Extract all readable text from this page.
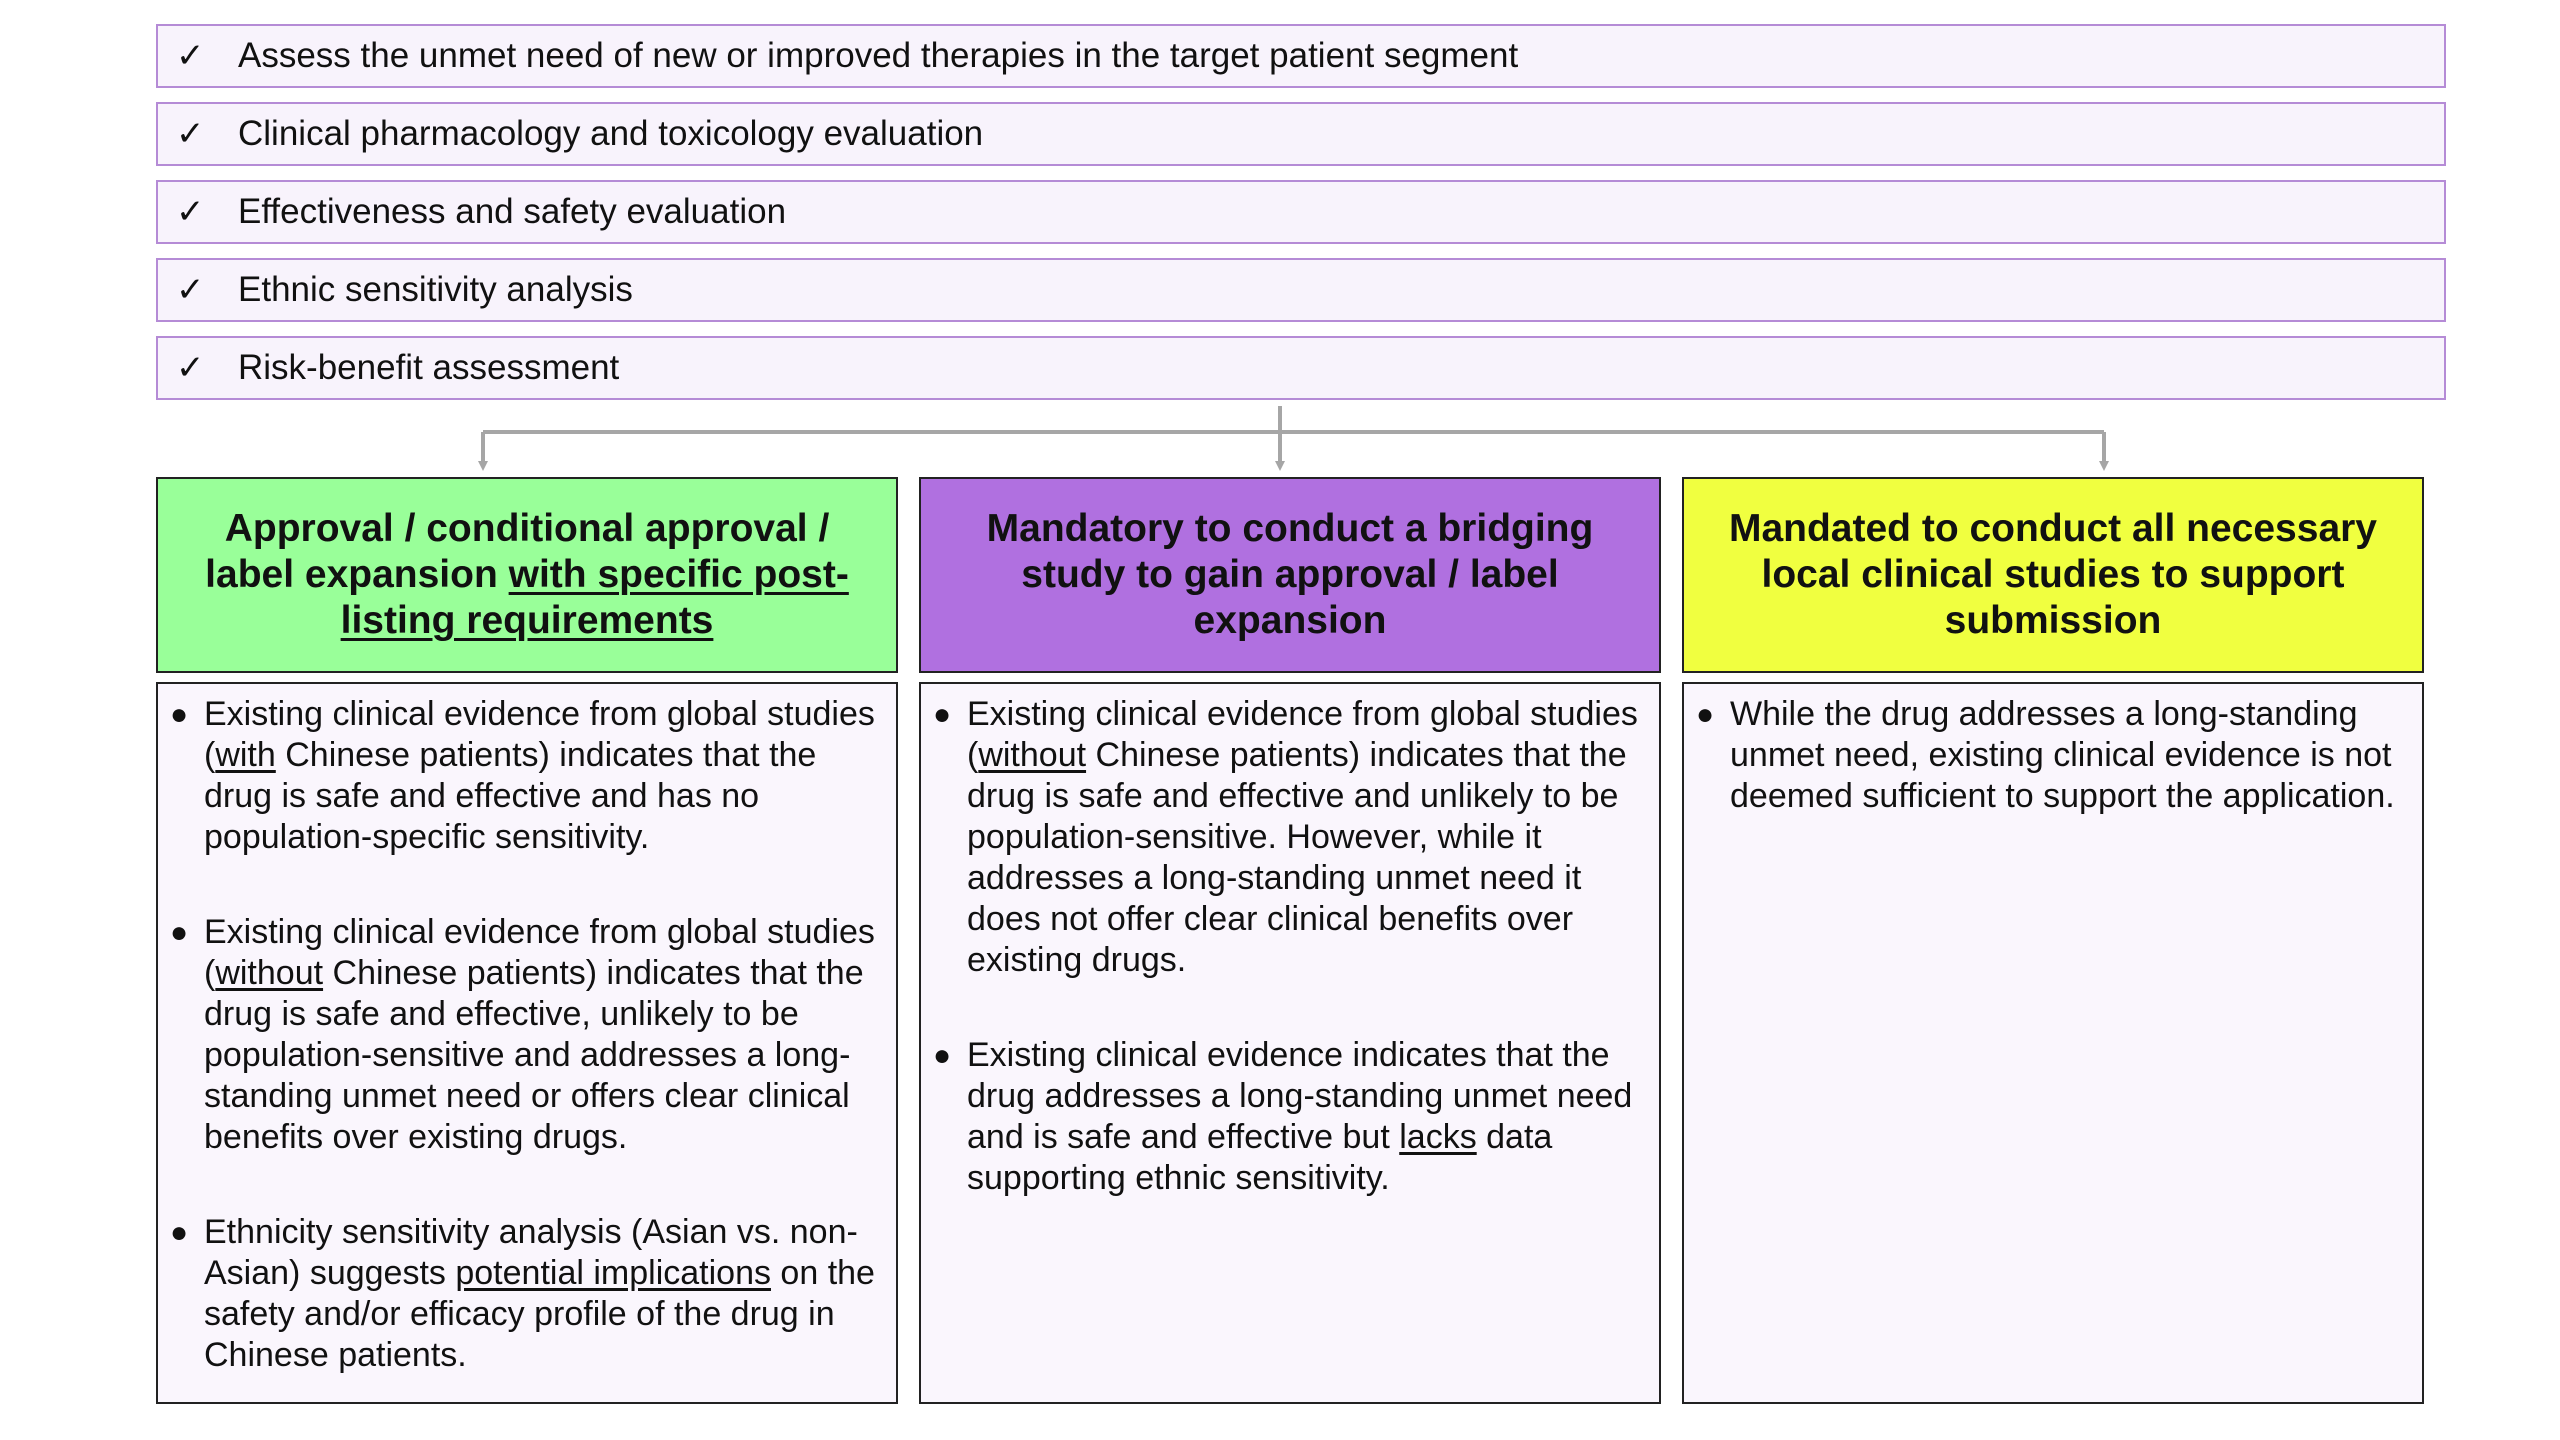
✓ Assess the unmet need of new or improved therapies in the target patient segment
✓ Clinical pharmacology and toxicology evaluation
✓ Effectiveness and safety evaluation
✓ Ethnic sensitivity analysis
✓ Risk-benefit assessment
Approval / conditional approval / label expansion with specific post-listing requirements
● Existing clinical evidence from global studies (with Chinese patients) indicates that the drug is safe and effective and has no population-specific sensitivity.
● Existing clinical evidence from global studies (without Chinese patients) indicates that the drug is safe and effective, unlikely to be population-sensitive and addresses a long-standing unmet need or offers clear clinical benefits over existing drugs.
● Ethnicity sensitivity analysis (Asian vs. non-Asian) suggests potential implications on the safety and/or efficacy profile of the drug in Chinese patients.
Mandatory to conduct a bridging study to gain approval / label expansion
● Existing clinical evidence from global studies (without Chinese patients) indicates that the drug is safe and effective and unlikely to be population-sensitive. However, while it addresses a long-standing unmet need it does not offer clear clinical benefits over existing drugs.
● Existing clinical evidence indicates that the drug addresses a long-standing unmet need and is safe and effective but lacks data supporting ethnic sensitivity.
Mandated to conduct all necessary local clinical studies to support submission
● While the drug addresses a long-standing unmet need, existing clinical evidence is not deemed sufficient to support the application.
